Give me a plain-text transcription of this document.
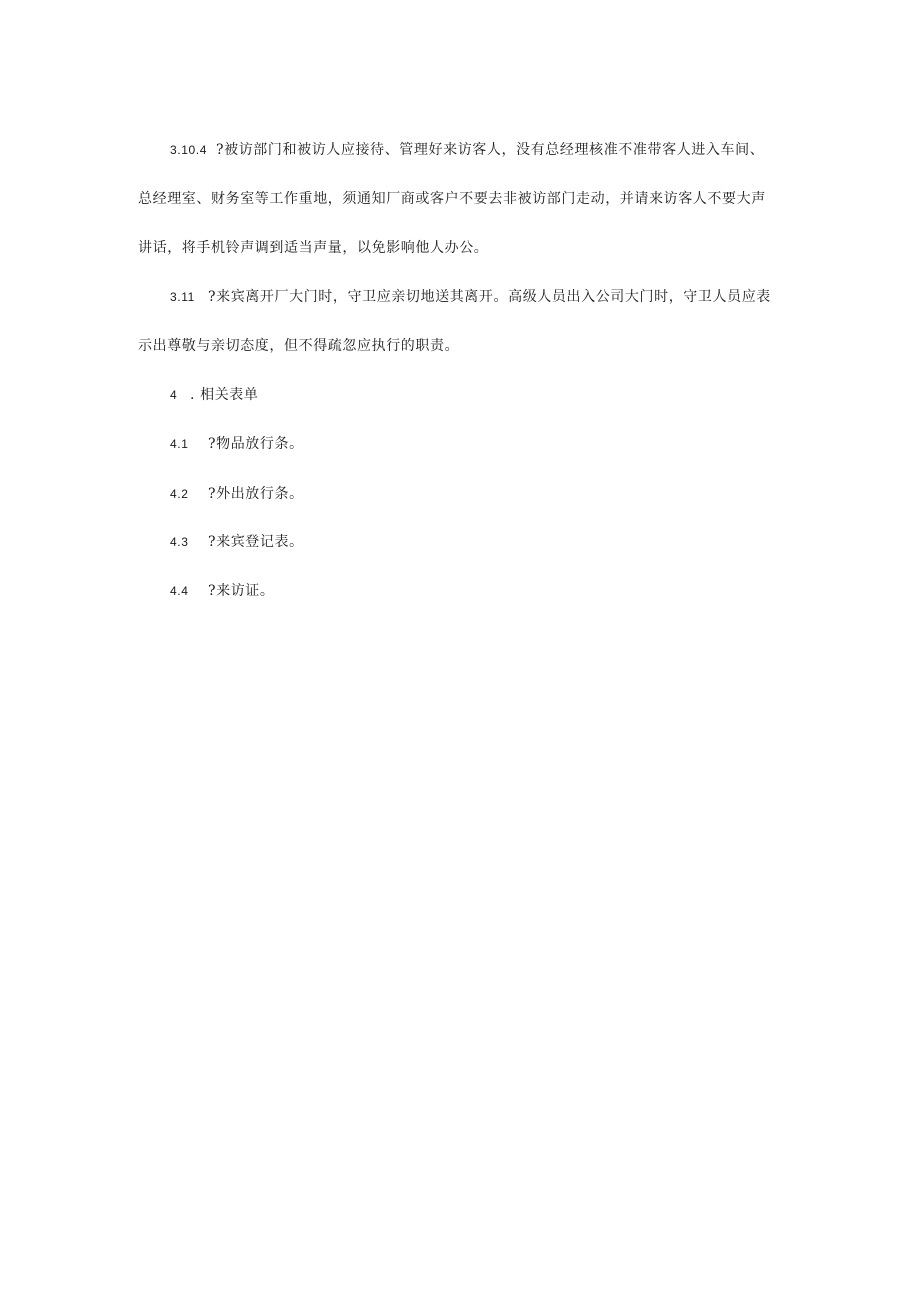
3.10.4 ?被访部门和被访人应接待、管理好来访客人，没有总经理核准不准带客人进入车间、
总经理室、财务室等工作重地，须通知厂商或客户不要去非被访部门走动，并请来访客人不要大声
讲话，将手机铃声调到适当声量，以免影响他人办公。
3.11 ?来宾离开厂大门时，守卫应亲切地送其离开。高级人员出入公司大门时，守卫人员应表
示出尊敬与亲切态度，但不得疏忽应执行的职责。
4 . 相关表单
4.1 ?物品放行条。
4.2 ?外出放行条。
4.3 ?来宾登记表。
4.4 ?来访证。
